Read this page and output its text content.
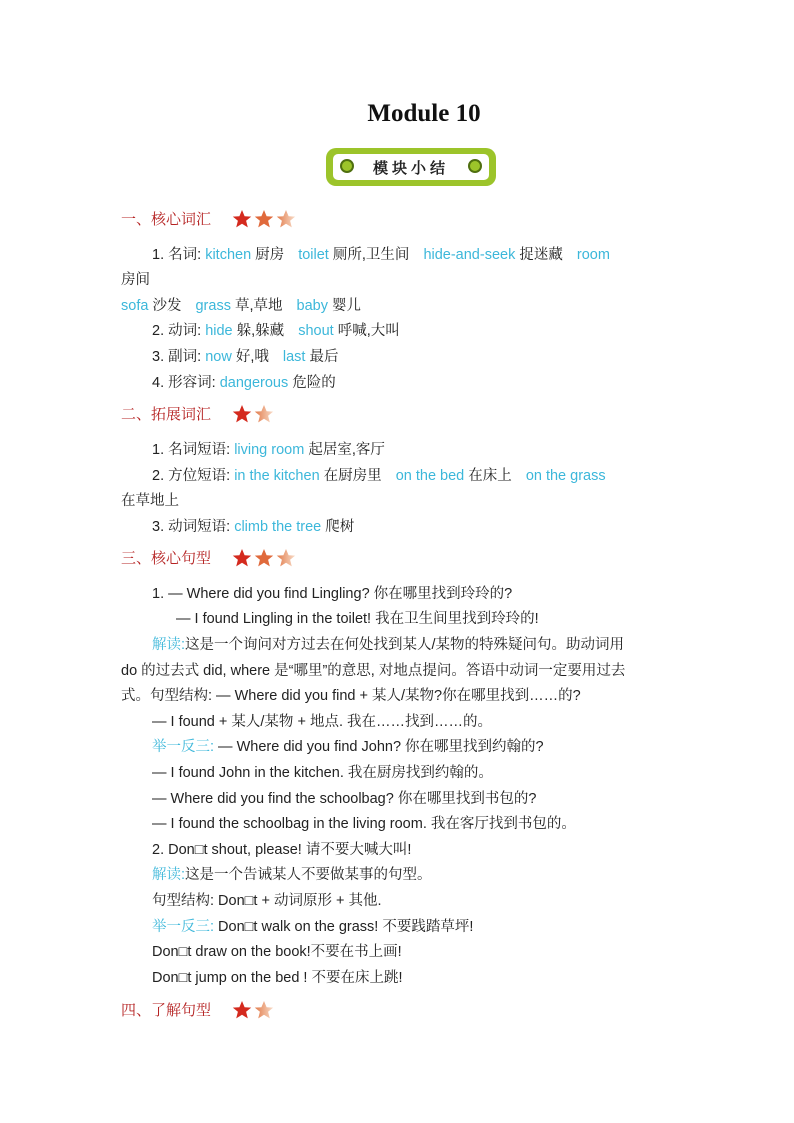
Module 10
模块小结
一、核心词汇
1. 名词: kitchen 厨房 toilet 厕所,卫生间 hide-and-seek 捉迷藏 room
房间
sofa 沙发 grass 草,草地 baby 婴儿
2. 动词: hide 躲,躲藏 shout 呼喊,大叫
3. 副词: now 好,哦 last 最后
4. 形容词: dangerous 危险的
二、拓展词汇
1. 名词短语: living room 起居室,客厅
2. 方位短语: in the kitchen 在厨房里 on the bed 在床上 on the grass
在草地上
3. 动词短语: climb the tree 爬树
三、核心句型
1. — Where did you find Lingling? 你在哪里找到玲玲的?
— I found Lingling in the toilet! 我在卫生间里找到玲玲的!
解读:这是一个询问对方过去在何处找到某人/某物的特殊疑问句。助动词用
do 的过去式 did, where 是“哪里”的意思, 对地点提问。答语中动词一定要用过去
式。句型结构: — Where did you find + 某人/某物?你在哪里找到……的?
— I found + 某人/某物 + 地点. 我在……找到……的。
举一反三: — Where did you find John? 你在哪里找到约翰的?
— I found John in the kitchen. 我在厨房找到约翰的。
— Where did you find the schoolbag? 你在哪里找到书包的?
— I found the schoolbag in the living room. 我在客厅找到书包的。
2. Don□t shout, please! 请不要大喊大叫!
解读:这是一个告诫某人不要做某事的句型。
句型结构: Don□t + 动词原形 + 其他.
举一反三: Don□t walk on the grass! 不要践踏草坪!
Don□t draw on the book!不要在书上画!
Don□t jump on the bed ! 不要在床上跳!
四、了解句型
